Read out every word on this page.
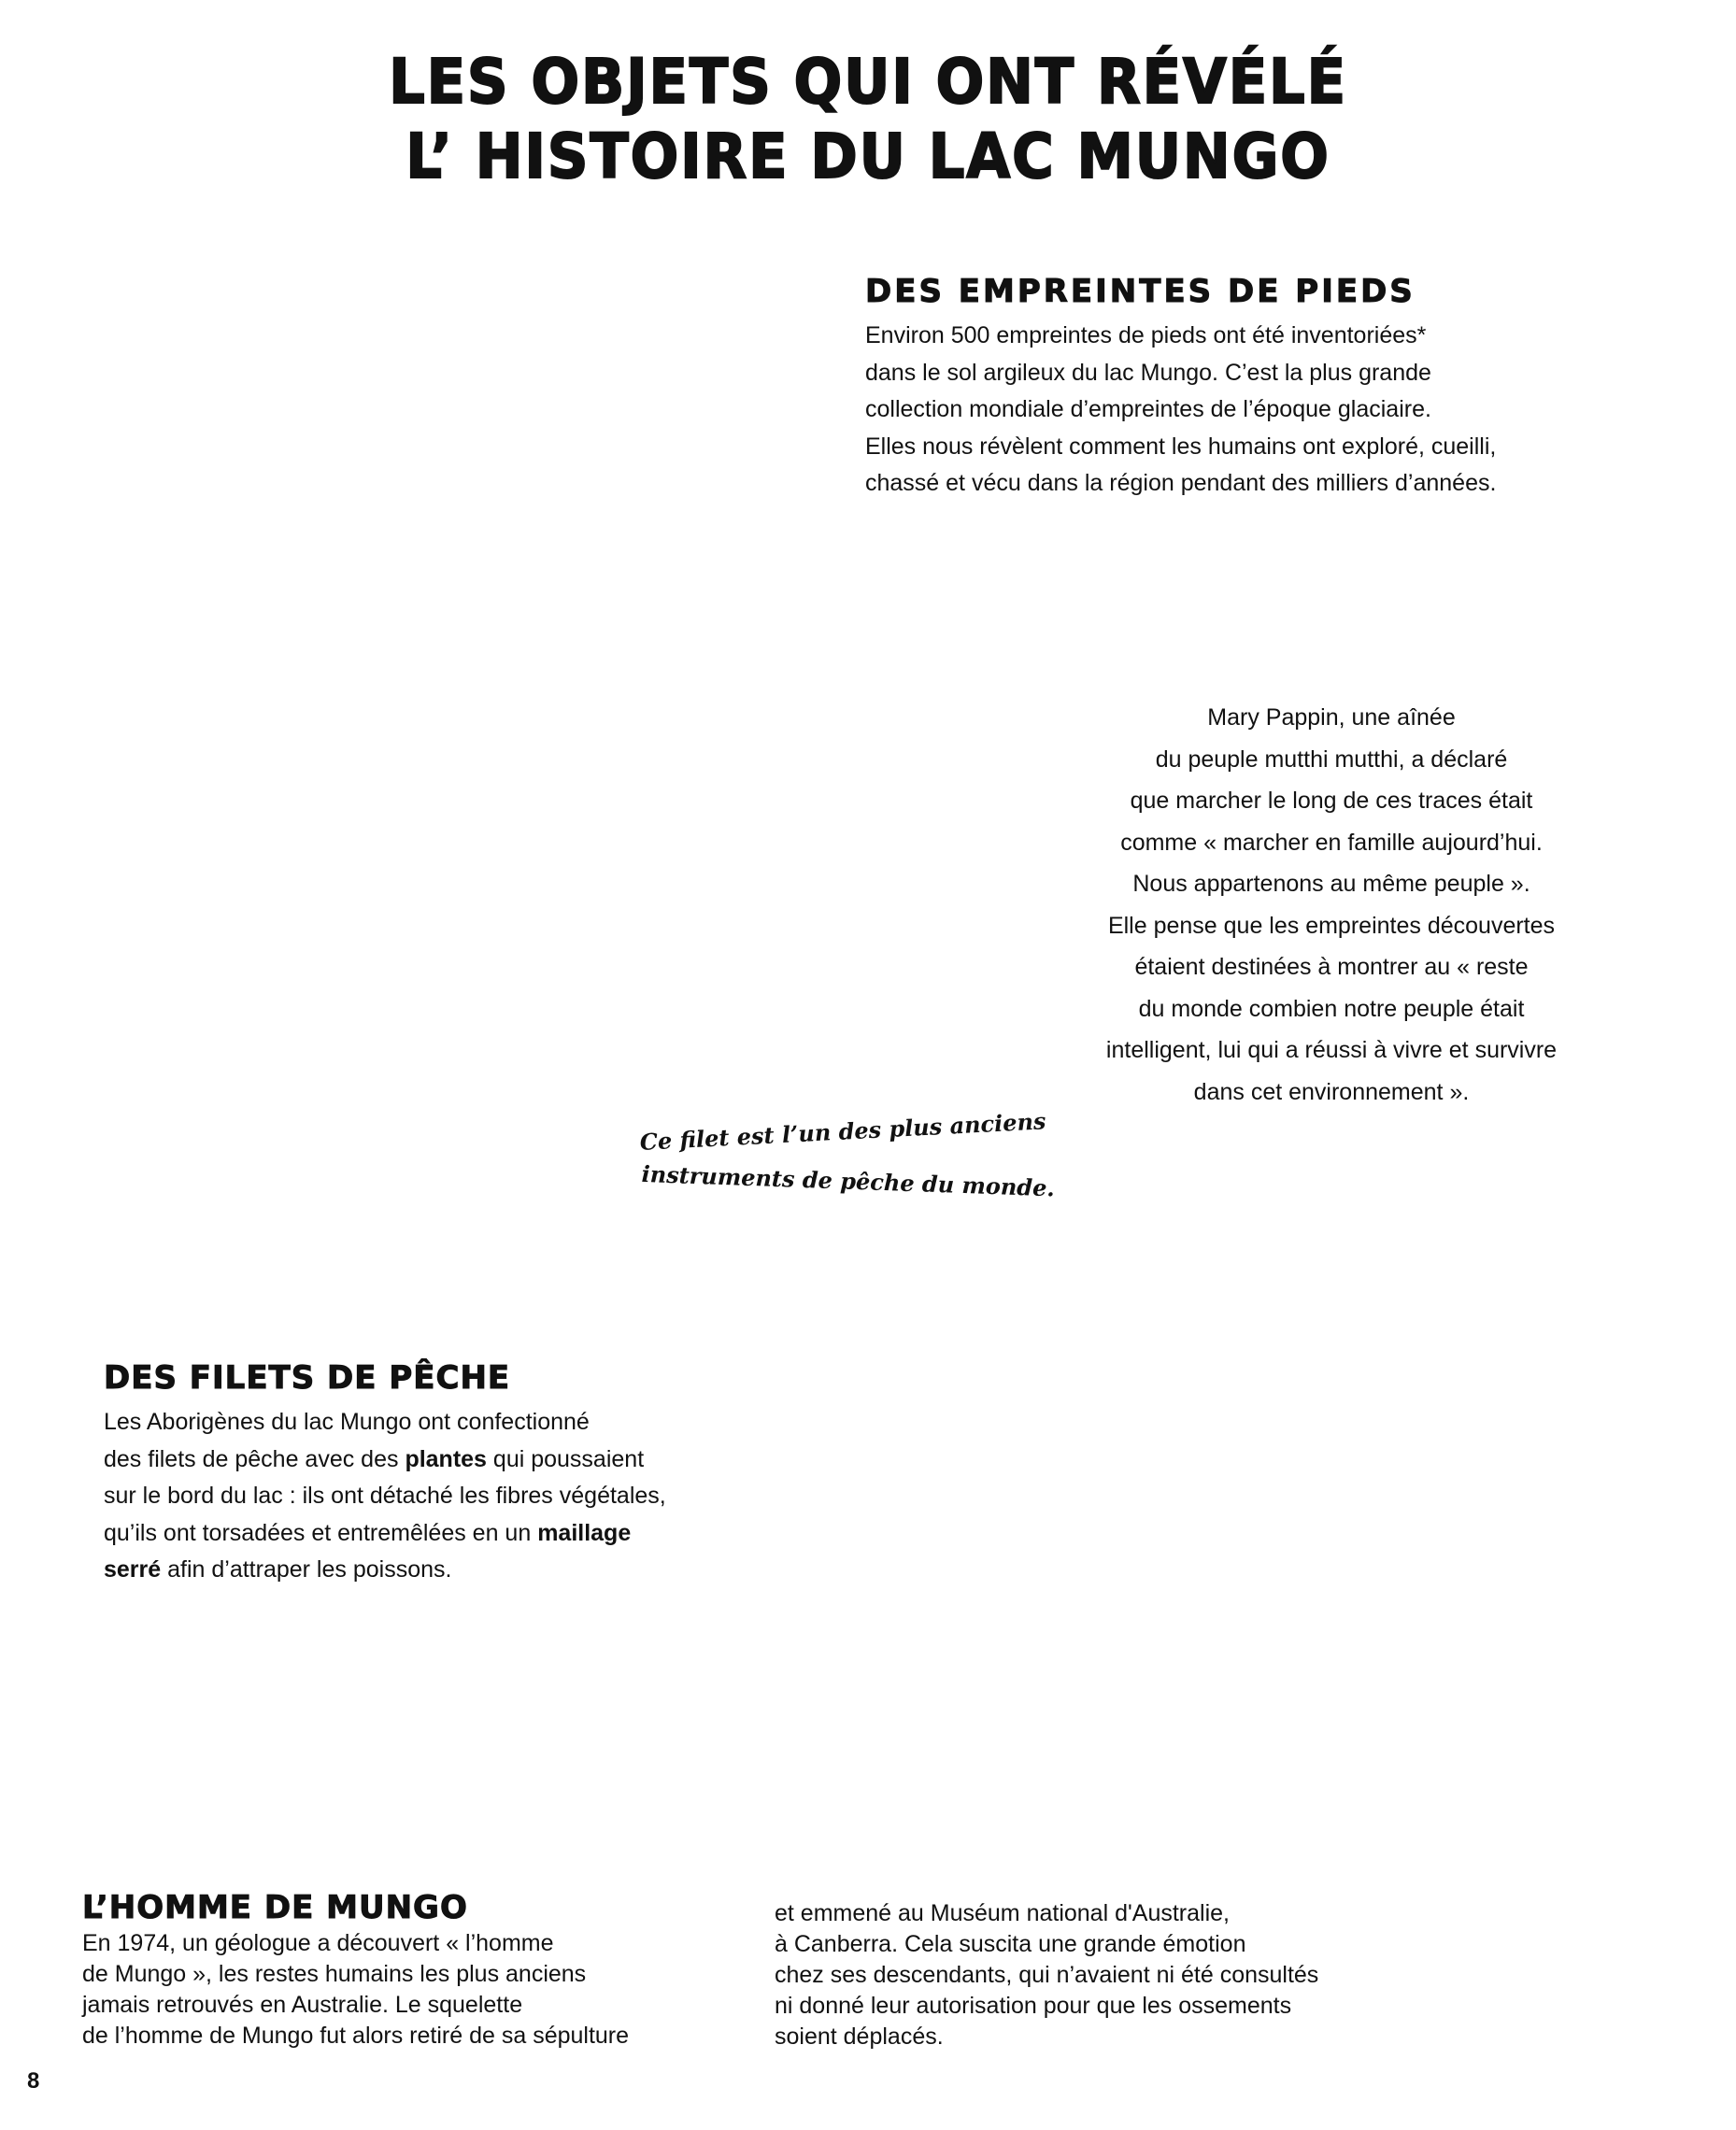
LES OBJETS QUI ONT RÉVÉLÉ
L’ HISTOIRE DU LAC MUNGO
DES EMPREINTES DE PIEDS
Environ 500 empreintes de pieds ont été inventoriées*
dans le sol argileux du lac Mungo. C’est la plus grande
collection mondiale d’empreintes de l’époque glaciaire.
Elles nous révèlent comment les humains ont exploré, cueilli,
chassé et vécu dans la région pendant des milliers d’années.
Mary Pappin, une aînée
du peuple mutthi mutthi, a déclaré
que marcher le long de ces traces était
comme « marcher en famille aujourd’hui.
Nous appartenons au même peuple ».
Elle pense que les empreintes découvertes
étaient destinées à montrer au « reste
du monde combien notre peuple était
intelligent, lui qui a réussi à vivre et survivre
dans cet environnement ».
Ce filet est l’un des plus anciens
instruments de pêche du monde.
DES FILETS DE PÊCHE
Les Aborigènes du lac Mungo ont confectionné
des filets de pêche avec des plantes qui poussaient
sur le bord du lac : ils ont détaché les fibres végétales,
qu’ils ont torsadées et entremêlées en un maillage
serré afin d’attraper les poissons.
L’HOMME DE MUNGO
En 1974, un géologue a découvert « l’homme
de Mungo », les restes humains les plus anciens
jamais retrouvés en Australie. Le squelette
de l’homme de Mungo fut alors retiré de sa sépulture
et emmené au Muséum national d'Australie,
à Canberra. Cela suscita une grande émotion
chez ses descendants, qui n’avaient ni été consultés
ni donné leur autorisation pour que les ossements
soient déplacés.
8
